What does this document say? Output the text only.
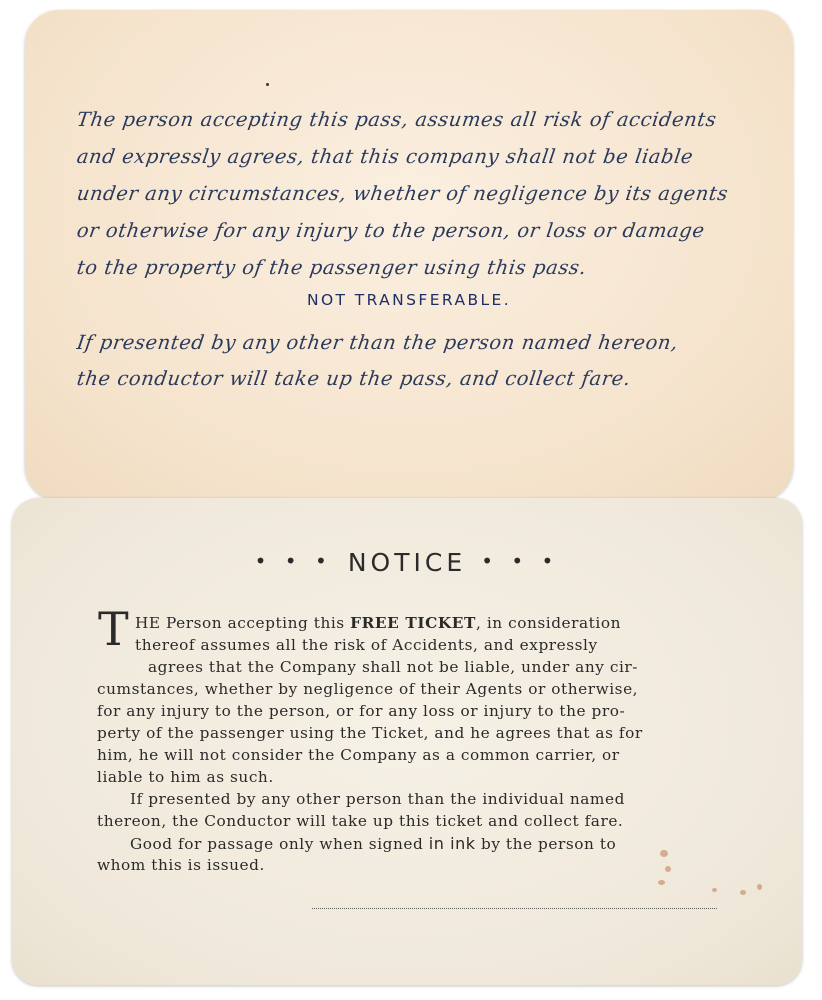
The person accepting this pass, assumes all risk of accidents
and expressly agrees, that this company shall not be liable
under any circumstances, whether of negligence by its agents
or otherwise for any injury to the person, or loss or damage
to the property of the passenger using this pass.
NOT TRANSFERABLE.
If presented by any other than the person named hereon,
the conductor will take up the pass, and collect fare.
• • • NOTICE • • •
T HE Person accepting this FREE TICKET, in consideration
thereof assumes all the risk of Accidents, and expressly
agrees that the Company shall not be liable, under any cir-
cumstances, whether by negligence of their Agents or otherwise,
for any injury to the person, or for any loss or injury to the pro-
perty of the passenger using the Ticket, and he agrees that as for
him, he will not consider the Company as a common carrier, or
liable to him as such.
If presented by any other person than the individual named
thereon, the Conductor will take up this ticket and collect fare.
Good for passage only when signed in ink by the person to
whom this is issued.
